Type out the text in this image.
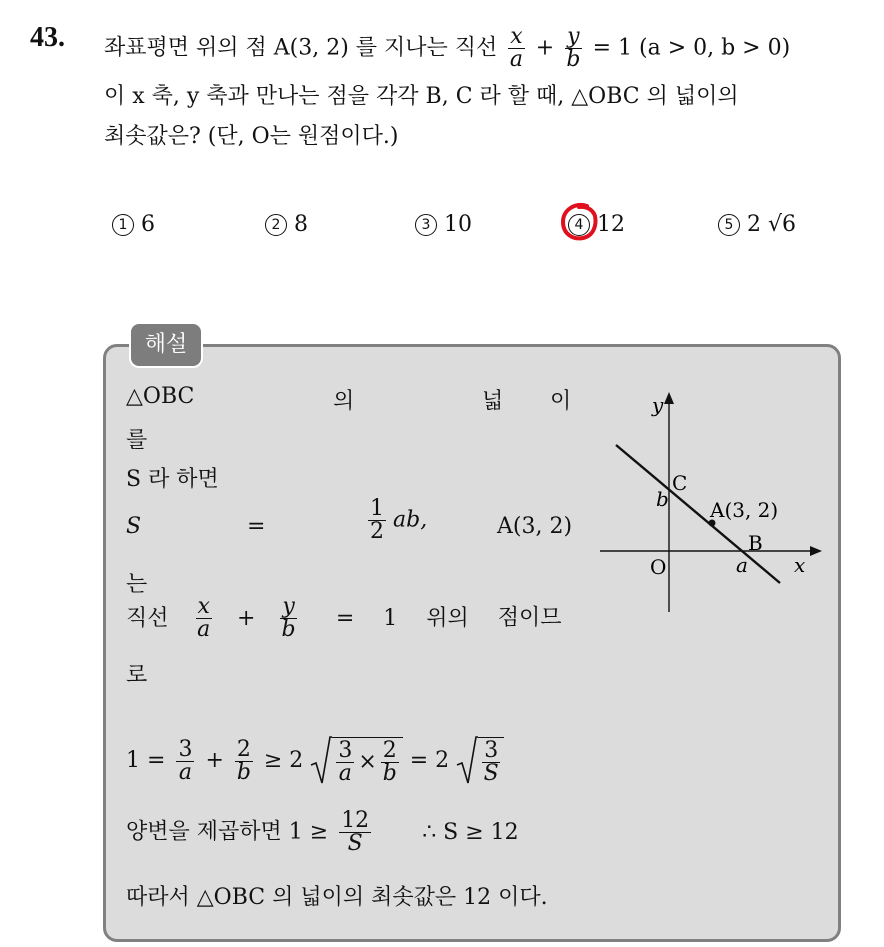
43. 좌표평면 위의 점 A(3, 2) 를 지나는 직선 $\frac{x}{a} + \frac{y}{b} = 1$ (a > 0, b > 0)
이 x 축, y 축과 만나는 점을 각각 B, C 라 할 때, △OBC 의 넓이의
최솟값은? (단, O는 원점이다.)
1 6	2 8	3 10	4 12	5 2 √6
해설
△OBC	의	넓 이
를
S 라 하면
S	=	$\frac{1}{2}$ ab,	A(3, 2)
는
직선 $\frac{x}{a} + \frac{y}{b} = 1$ 위의 점이므
로
$1 = \frac{3}{a} + \frac{2}{b} \ge 2 \frac{3}{a} \times \frac{2}{b} = 2 \frac{3}{S}$
양변을 제곱하면 $1 \ge \frac{12}{S}$ ∴ S ≥ 12
따라서 △OBC 의 넓이의 최솟값은 12 이다.
y
x
O
C
b A(3, 2)
B
a
